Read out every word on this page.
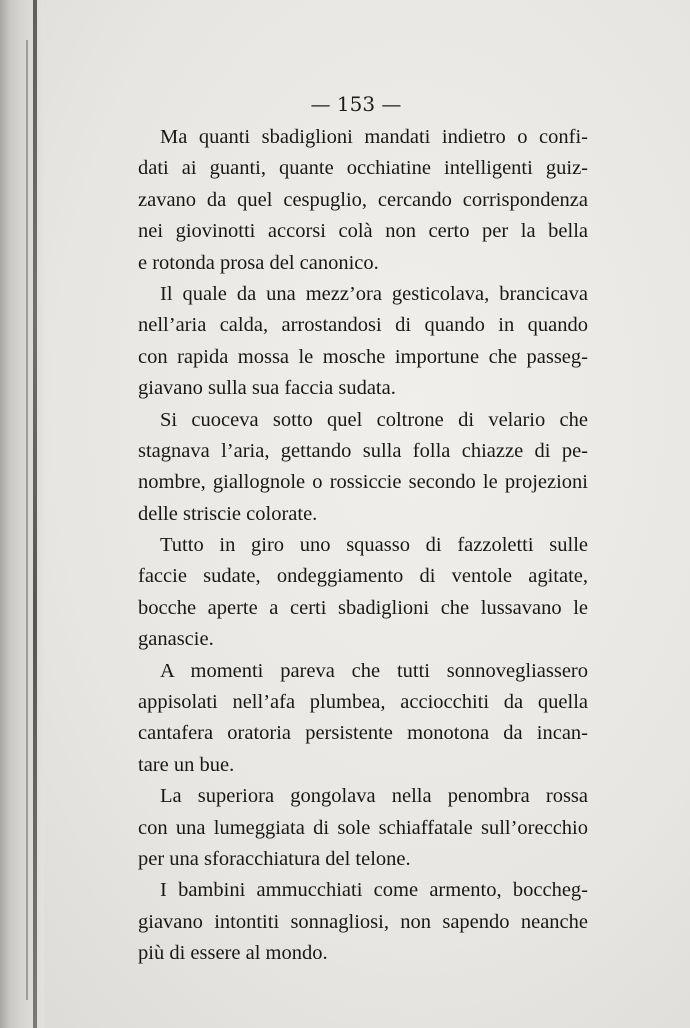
— 153 —
Ma quanti sbadiglioni mandati indietro o confi-
dati ai guanti, quante occhiatine intelligenti guiz-
zavano da quel cespuglio, cercando corrispondenza
nei giovinotti accorsi colà non certo per la bella
e rotonda prosa del canonico.
Il quale da una mezz’ora gesticolava, brancicava
nell’aria calda, arrostandosi di quando in quando
con rapida mossa le mosche importune che passeg-
giavano sulla sua faccia sudata.
Si cuoceva sotto quel coltrone di velario che
stagnava l’aria, gettando sulla folla chiazze di pe-
nombre, giallognole o rossiccie secondo le projezioni
delle striscie colorate.
Tutto in giro uno squasso di fazzoletti sulle
faccie sudate, ondeggiamento di ventole agitate,
bocche aperte a certi sbadiglioni che lussavano le
ganascie.
A momenti pareva che tutti sonnovegliassero
appisolati nell’afa plumbea, acciocchiti da quella
cantafera oratoria persistente monotona da incan-
tare un bue.
La superiora gongolava nella penombra rossa
con una lumeggiata di sole schiaffatale sull’orecchio
per una sforacchiatura del telone.
I bambini ammucchiati come armento, boccheg-
giavano intontiti sonnagliosi, non sapendo neanche
più di essere al mondo.
